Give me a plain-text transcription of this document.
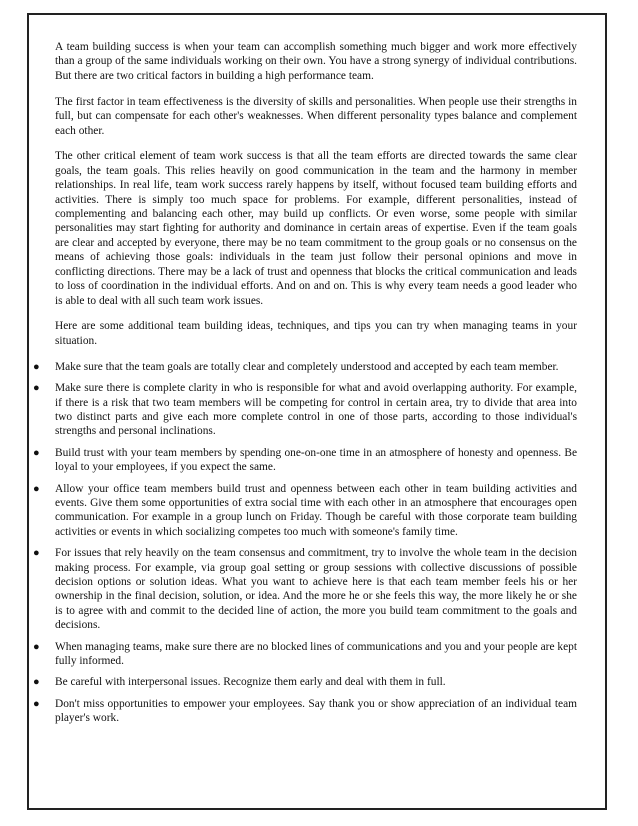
A team building success is when your team can accomplish something much bigger and work more effectively than a group of the same individuals working on their own. You have a strong synergy of individual contributions. But there are two critical factors in building a high performance team.

The first factor in team effectiveness is the diversity of skills and personalities. When people use their strengths in full, but can compensate for each other's weaknesses. When different personality types balance and complement each other.

The other critical element of team work success is that all the team efforts are directed towards the same clear goals, the team goals. This relies heavily on good communication in the team and the harmony in member relationships. In real life, team work success rarely happens by itself, without focused team building efforts and activities. There is simply too much space for problems. For example, different personalities, instead of complementing and balancing each other, may build up conflicts. Or even worse, some people with similar personalities may start fighting for authority and dominance in certain areas of expertise. Even if the team goals are clear and accepted by everyone, there may be no team commitment to the group goals or no consensus on the means of achieving those goals: individuals in the team just follow their personal opinions and move in conflicting directions. There may be a lack of trust and openness that blocks the critical communication and leads to loss of coordination in the individual efforts. And on and on. This is why every team needs a good leader who is able to deal with all such team work issues.

Here are some additional team building ideas, techniques, and tips you can try when managing teams in your situation.

● Make sure that the team goals are totally clear and completely understood and accepted by each team member.
● Make sure there is complete clarity in who is responsible for what and avoid overlapping authority. For example, if there is a risk that two team members will be competing for control in certain area, try to divide that area into two distinct parts and give each more complete control in one of those parts, according to those individual's strengths and personal inclinations.
● Build trust with your team members by spending one-on-one time in an atmosphere of honesty and openness. Be loyal to your employees, if you expect the same.
● Allow your office team members build trust and openness between each other in team building activities and events. Give them some opportunities of extra social time with each other in an atmosphere that encourages open communication. For example in a group lunch on Friday. Though be careful with those corporate team building activities or events in which socializing competes too much with someone's family time.
● For issues that rely heavily on the team consensus and commitment, try to involve the whole team in the decision making process. For example, via group goal setting or group sessions with collective discussions of possible decision options or solution ideas. What you want to achieve here is that each team member feels his or her ownership in the final decision, solution, or idea. And the more he or she feels this way, the more likely he or she is to agree with and commit to the decided line of action, the more you build team commitment to the goals and decisions.
● When managing teams, make sure there are no blocked lines of communications and you and your people are kept fully informed.
● Be careful with interpersonal issues. Recognize them early and deal with them in full.
● Don't miss opportunities to empower your employees. Say thank you or show appreciation of an individual team player's work.
